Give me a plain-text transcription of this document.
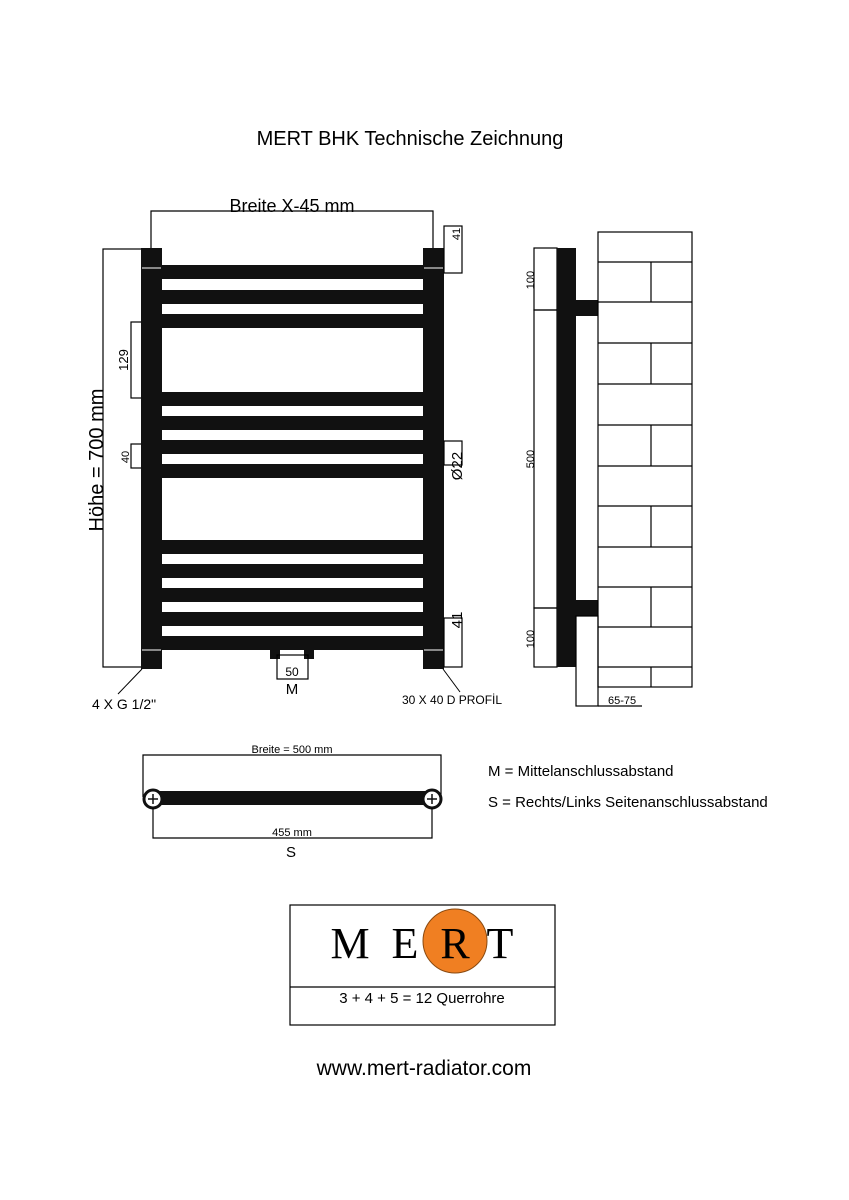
MERT BHK Technische Zeichnung
Breite X-45 mm
Höhe = 700 mm
129
40
41
Ø22
41
50
M
4 X G 1/2"	30 X 40 D PROFİL
100
500
100
65-75
Breite = 500 mm
455 mm
S
M = Mittelanschlussabstand
S = Rechts/Links Seitenanschlussabstand
M E R T
3 + 4 + 5 = 12 Querrohre
www.mert-radiator.com
